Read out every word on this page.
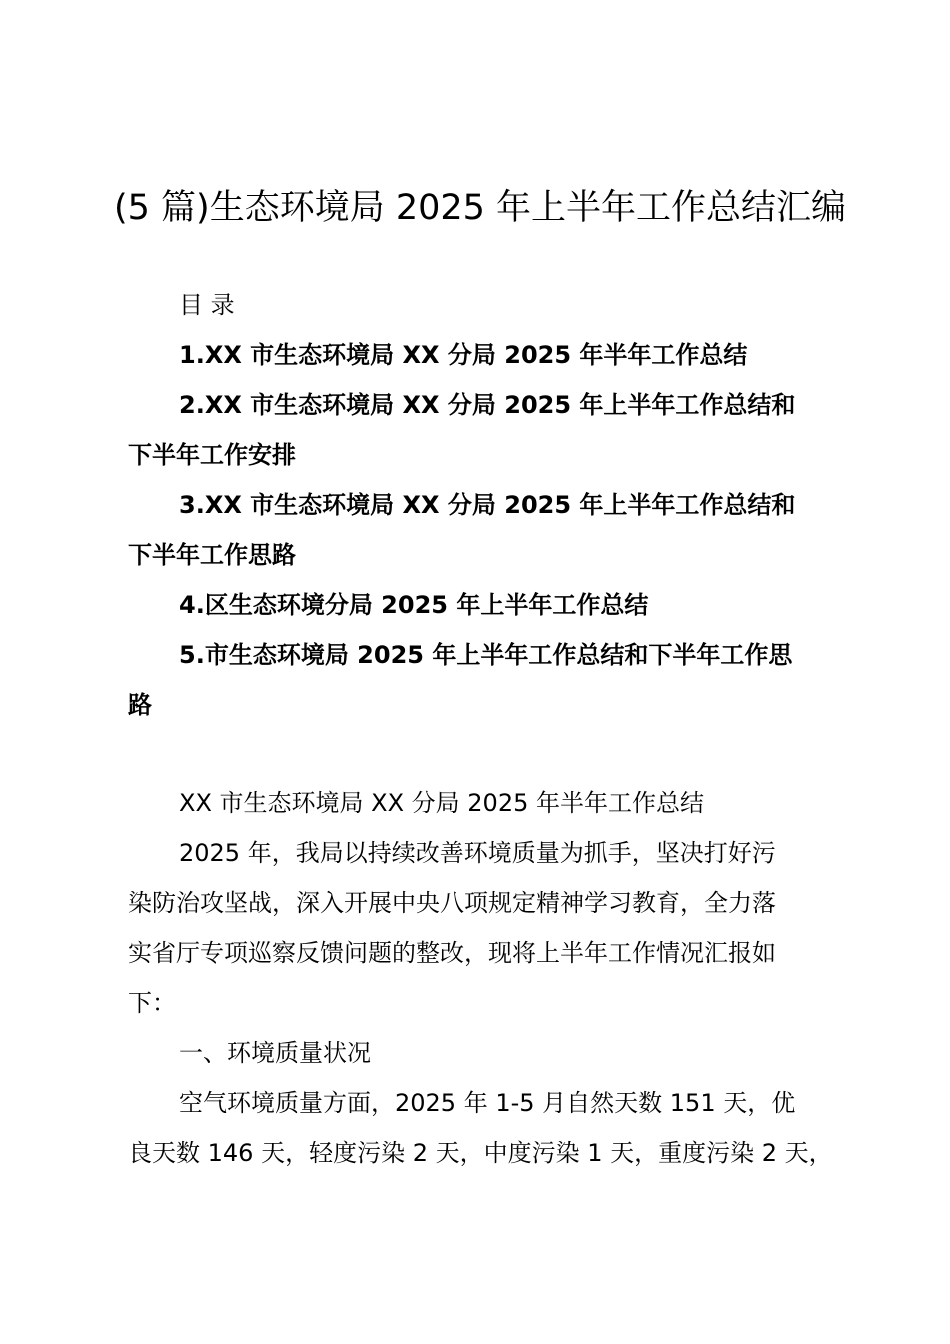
(5 篇)生态环境局 2025 年上半年工作总结汇编

目 录

1.XX 市生态环境局 XX 分局 2025 年半年工作总结

2.XX 市生态环境局 XX 分局 2025 年上半年工作总结和

下半年工作安排

3.XX 市生态环境局 XX 分局 2025 年上半年工作总结和

下半年工作思路

4.区生态环境分局 2025 年上半年工作总结

5.市生态环境局 2025 年上半年工作总结和下半年工作思

路

XX 市生态环境局 XX 分局 2025 年半年工作总结

2025 年，我局以持续改善环境质量为抓手，坚决打好污

染防治攻坚战，深入开展中央八项规定精神学习教育，全力落

实省厅专项巡察反馈问题的整改，现将上半年工作情况汇报如

下：

一、环境质量状况

空气环境质量方面，2025 年 1-5 月自然天数 151 天，优

良天数 146 天，轻度污染 2 天，中度污染 1 天，重度污染 2 天，
